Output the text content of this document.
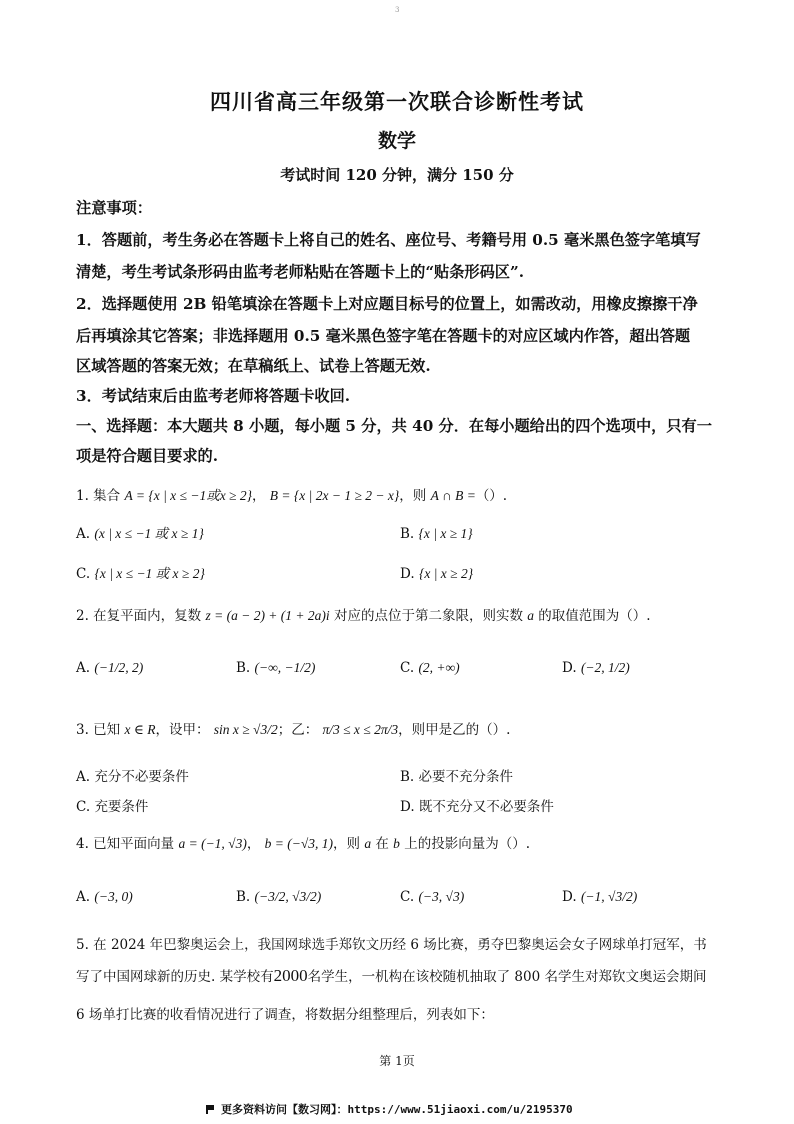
3
四川省高三年级第一次联合诊断性考试
数学
考试时间 120 分钟，满分 150 分
注意事项：
1．答题前，考生务必在答题卡上将自己的姓名、座位号、考籍号用 0.5 毫米黑色签字笔填写
清楚，考生考试条形码由监考老师粘贴在答题卡上的“贴条形码区”.
2．选择题使用 2B 铅笔填涂在答题卡上对应题目标号的位置上，如需改动，用橡皮擦擦干净
后再填涂其它答案；非选择题用 0.5 毫米黑色签字笔在答题卡的对应区域内作答，超出答题
区域答题的答案无效；在草稿纸上、试卷上答题无效.
3．考试结束后由监考老师将答题卡收回.
一、选择题：本大题共 8 小题，每小题 5 分，共 40 分．在每小题给出的四个选项中，只有一
项是符合题目要求的.
1. 集合 A = {x | x ≤ −1或x ≥ 2}， B = {x | 2x − 1 ≥ 2 − x}，则 A ∩ B =（）.
A. (x | x ≤ −1 或 x ≥ 1}	B. {x | x ≥ 1}
C. {x | x ≤ −1 或 x ≥ 2}	D. {x | x ≥ 2}
2. 在复平面内，复数 z = (a − 2) + (1 + 2a)i 对应的点位于第二象限，则实数 a 的取值范围为（）.
A. (−1/2, 2)	B. (−∞, −1/2)	C. (2, +∞)	D. (−2, 1/2)
3. 已知 x ∈ R，设甲： sin x ≥ √3/2；乙： π/3 ≤ x ≤ 2π/3，则甲是乙的（）.
A. 充分不必要条件	B. 必要不充分条件
C. 充要条件	D. 既不充分又不必要条件
4. 已知平面向量 a = (−1, √3)， b = (−√3, 1)，则 a 在 b 上的投影向量为（）.
A. (−3, 0)	B. (−3/2, √3/2)	C. (−3, √3)	D. (−1, √3/2)
5. 在 2024 年巴黎奥运会上，我国网球选手郑钦文历经 6 场比赛，勇夺巴黎奥运会女子网球单打冠军，书
写了中国网球新的历史. 某学校有2000名学生，一机构在该校随机抽取了 800 名学生对郑钦文奥运会期间
6 场单打比赛的收看情况进行了调查，将数据分组整理后，列表如下：
第 1页
更多资料访问【数习网】：https://www.51jiaoxi.com/u/2195370
